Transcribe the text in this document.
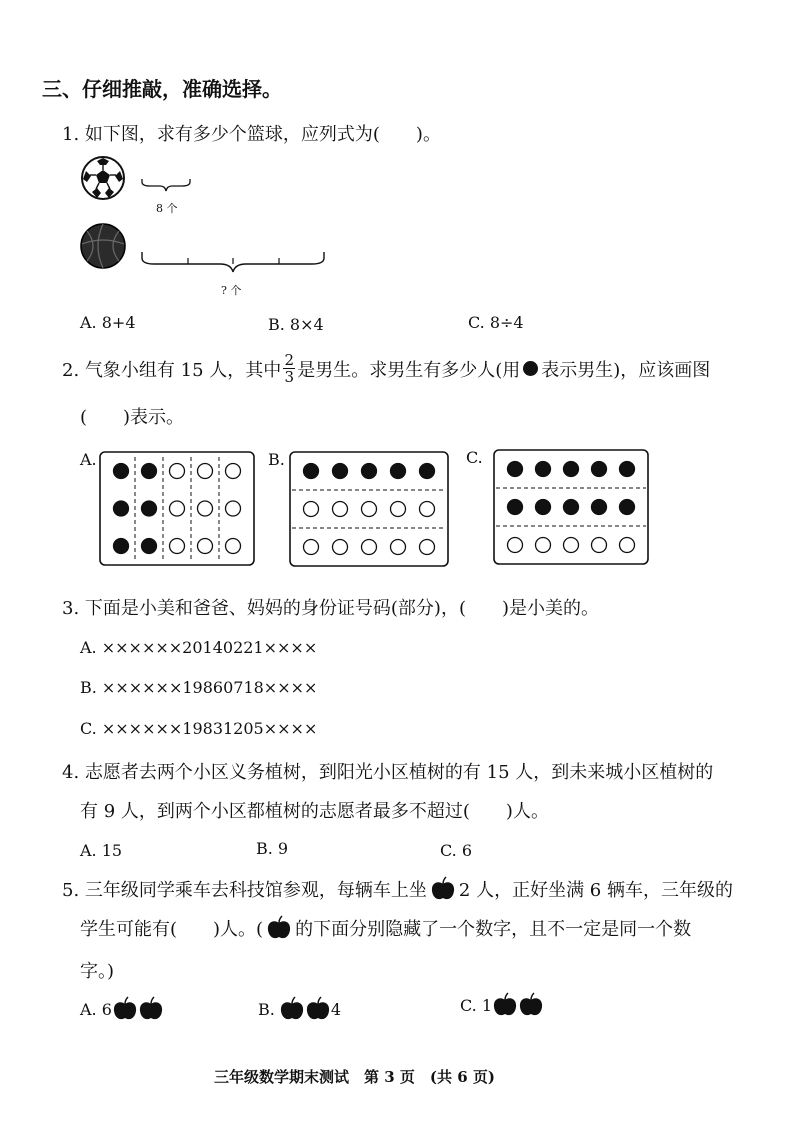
三、仔细推敲，准确选择。
1. 如下图，求有多少个篮球，应列式为(　　)。
8 个
? 个
A. 8+4	B. 8×4	C. 8÷4
2. 气象小组有 15 人，其中 $\frac{2}{3}$ 是男生。求男生有多少人(用 表示男生)，应该画图
(　　)表示。
A.	B.	C.
3. 下面是小美和爸爸、妈妈的身份证号码(部分)，(　　)是小美的。
A. ××××××20140221××××
B. ××××××19860718××××
C. ××××××19831205××××
4. 志愿者去两个小区义务植树，到阳光小区植树的有 15 人，到未来城小区植树的
有 9 人，到两个小区都植树的志愿者最多不超过(　　)人。
A. 15	B. 9	C. 6
5. 三年级同学乘车去科技馆参观，每辆车上坐 2 人，正好坐满 6 辆车，三年级的
学生可能有(　　)人。( 的下面分别隐藏了一个数字，且不一定是同一个数
字。)
A. 6	B.	4	C. 1
三年级数学期末测试　第 3 页　(共 6 页)
